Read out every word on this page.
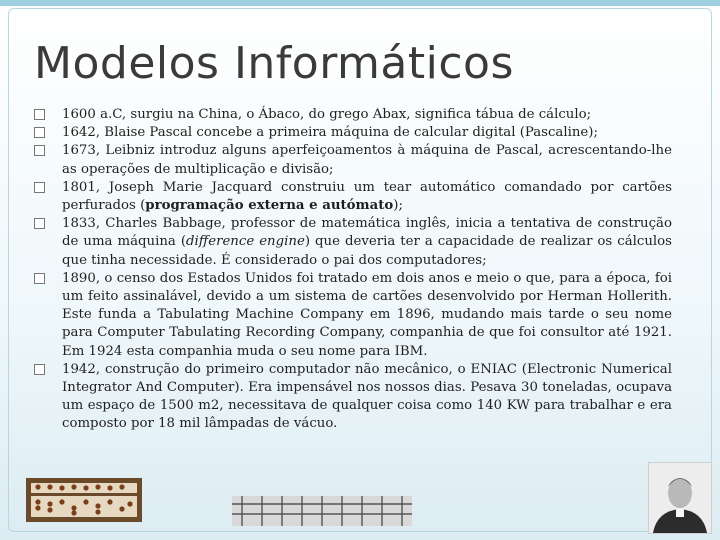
Modelos Informáticos
1600 a.C, surgiu na China, o Ábaco, do grego Abax, significa tábua de cálculo;
1642, Blaise Pascal concebe a primeira máquina de calcular digital (Pascaline);
1673, Leibniz introduz alguns aperfeiçoamentos à máquina de Pascal, acrescentando-lhe as operações de multiplicação e divisão;
1801, Joseph Marie Jacquard construiu um tear automático comandado por cartões perfurados (programação externa e autómato);
1833, Charles Babbage, professor de matemática inglês, inicia a tentativa de construção de uma máquina (difference engine) que deveria ter a capacidade de realizar os cálculos que tinha necessidade. É considerado o pai dos computadores;
1890, o censo dos Estados Unidos foi tratado em dois anos e meio o que, para a época, foi um feito assinalável, devido a um sistema de cartões desenvolvido por Herman Hollerith. Este funda a Tabulating Machine Company em 1896, mudando mais tarde o seu nome para Computer Tabulating Recording Company, companhia de que foi consultor até 1921. Em 1924 esta companhia muda o seu nome para IBM.
1942, construção do primeiro computador não mecânico, o ENIAC (Electronic Numerical Integrator And Computer). Era impensável nos nossos dias. Pesava 30 toneladas, ocupava um espaço de 1500 m2, necessitava de qualquer coisa como 140 KW para trabalhar e era composto por 18 mil lâmpadas de vácuo.
